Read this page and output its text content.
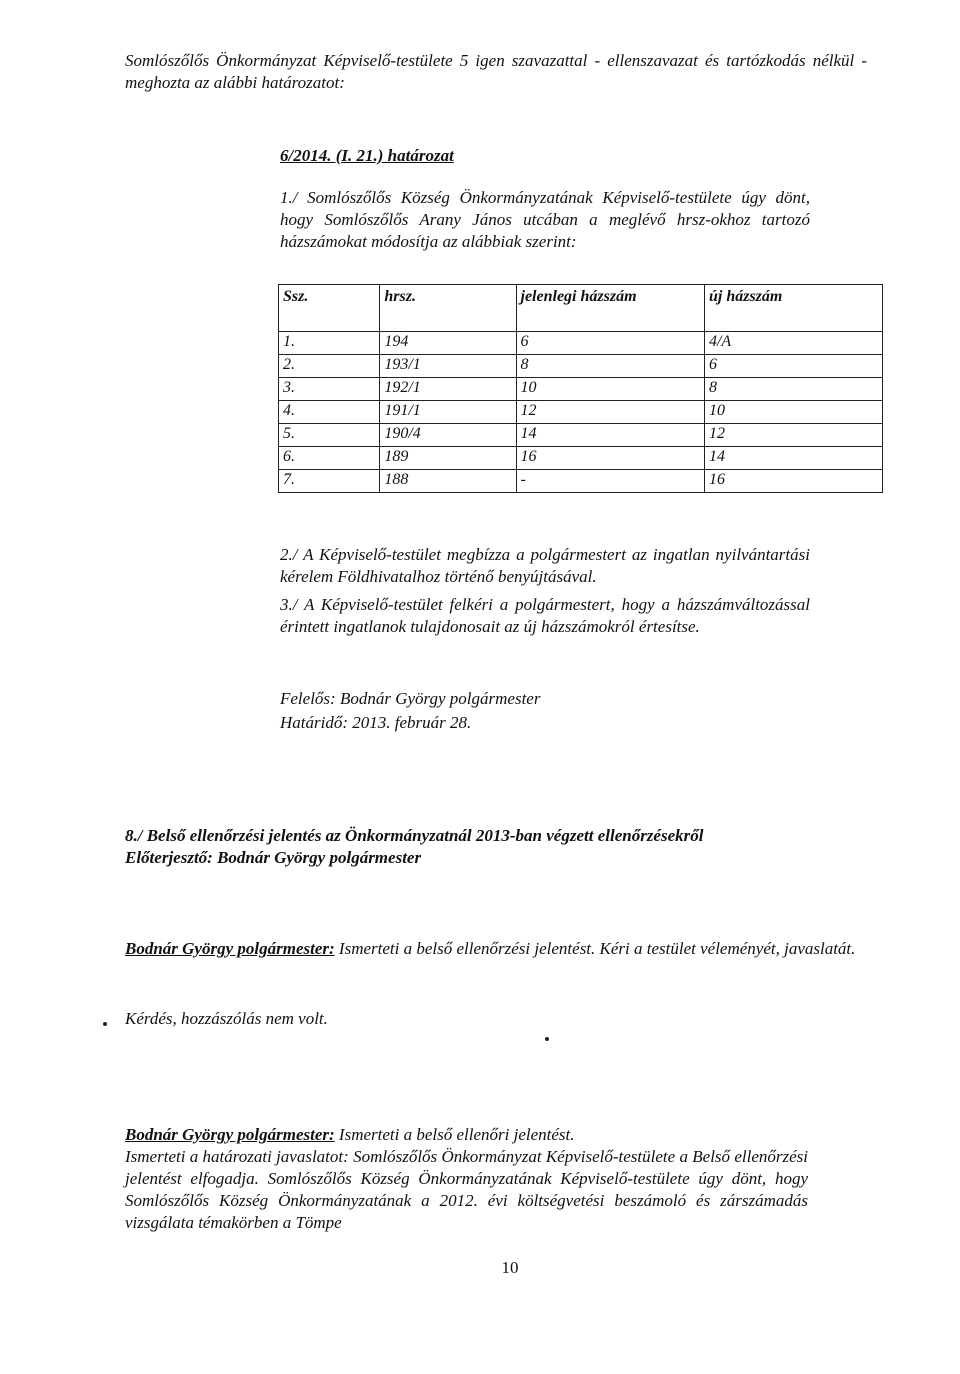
Somlószőlős Önkormányzat Képviselő-testülete 5 igen szavazattal - ellenszavazat és tartózkodás nélkül - meghozta az alábbi határozatot:

6/2014. (I. 21.) határozat

1./ Somlószőlős Község Önkormányzatának Képviselő-testülete úgy dönt, hogy Somlószőlős Arany János utcában a meglévő hrsz-okhoz tartozó házszámokat módosítja az alábbiak szerint:

Ssz.	hrsz.	jelenlegi házszám	új házszám
1.	194	6	4/A
2.	193/1	8	6
3.	192/1	10	8
4.	191/1	12	10
5.	190/4	14	12
6.	189	16	14
7.	188	-	16

2./ A Képviselő-testület megbízza a polgármestert az ingatlan nyilvántartási kérelem Földhivatalhoz történő benyújtásával.

3./ A Képviselő-testület felkéri a polgármestert, hogy a házszámváltozással érintett ingatlanok tulajdonosait az új házszámokról értesítse.

Felelős: Bodnár György polgármester
Határidő: 2013. február 28.
8./ Belső ellenőrzési jelentés az Önkormányzatnál 2013-ban végzett ellenőrzésekről
Előterjesztő: Bodnár György polgármester

Bodnár György polgármester: Ismerteti a belső ellenőrzési jelentést. Kéri a testület véleményét, javaslatát.

Kérdés, hozzászólás nem volt.
Bodnár György polgármester: Ismerteti a belső ellenőri jelentést.
Ismerteti a határozati javaslatot: Somlószőlős Önkormányzat Képviselő-testülete a Belső ellenőrzési jelentést elfogadja. Somlószőlős Község Önkormányzatának Képviselő-testülete úgy dönt, hogy Somlószőlős Község Önkormányzatának a 2012. évi költségvetési beszámoló és zárszámadás vizsgálata témakörben a Tömpe
10
